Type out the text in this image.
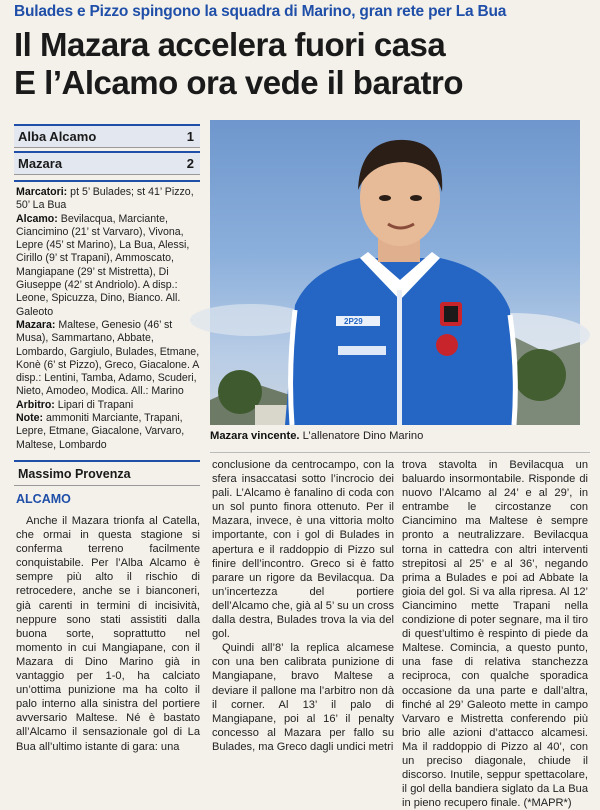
Bulades e Pizzo spingono la squadra di Marino, gran rete per La Bua
Il Mazara accelera fuori casa
E l’Alcamo ora vede il baratro
Alba Alcamo	1
Mazara	2

Marcatori: pt 5’ Bulades; st 41’ Pizzo, 50’ La Bua

Alcamo: Bevilacqua, Marciante, Ciancimino (21’ st Varvaro), Vivona, Lepre (45’ st Marino), La Bua, Alessi, Cirillo (9’ st Trapani), Ammoscato, Mangiapane (29’ st Mistretta), Di Giuseppe (42’ st Andriolo). A disp.: Leone, Spicuzza, Dino, Bianco. All. Galeoto

Mazara: Maltese, Genesio (46’ st Musa), Sammartano, Abbate, Lombardo, Gargiulo, Bulades, Etmane, Konè (6’ st Pizzo), Greco, Giacalone. A disp.: Lentini, Tamba, Adamo, Scuderi, Nieto, Amodeo, Modica. All.: Marino

Arbitro: Lipari di Trapani

Note: ammoniti Marciante, Trapani, Lepre, Etmane, Giacalone, Varvaro, Maltese, Lombardo

Massimo Provenza
ALCAMO
2P29
Mazara vincente. L’allenatore Dino Marino

Anche il Mazara trionfa al Catella, che ormai in questa stagione si conferma terreno facilmente conquistabile. Per l’Alba Alcamo è sempre più alto il rischio di retrocedere, anche se i bianconeri, già carenti in termini di incisività, neppure sono stati assistiti dalla buona sorte, soprattutto nel momento in cui Mangiapane, con il Mazara di Dino Marino già in vantaggio per 1-0, ha calciato un’ottima punizione ma ha colto il palo interno alla sinistra del portiere avversario Maltese. Né è bastato all’Alcamo il sensazionale gol di La Bua all’ultimo istante di gara: una

conclusione da centrocampo, con la sfera insaccatasi sotto l’incrocio dei pali. L’Alcamo è fanalino di coda con un sol punto finora ottenuto. Per il Mazara, invece, è una vittoria molto importante, con i gol di Bulades in apertura e il raddoppio di Pizzo sul finire dell’incontro. Greco si è fatto parare un rigore da Bevilacqua. Da un’incertezza del portiere dell’Alcamo che, già al 5’ su un cross dalla destra, Bulades trova la via del gol.

Quindi all’8’ la replica alcamese con una ben calibrata punizione di Mangiapane, bravo Maltese a deviare il pallone ma l’arbitro non dà il corner. Al 13’ il palo di Mangiapane, poi al 16’ il penalty concesso al Mazara per fallo su Bulades, ma Greco dagli undici metri

trova stavolta in Bevilacqua un baluardo insormontabile. Risponde di nuovo l’Alcamo al 24’ e al 29’, in entrambe le circostanze con Ciancimino ma Maltese è sempre pronto a neutralizzare. Bevilacqua torna in cattedra con altri interventi strepitosi al 25’ e al 36’, negando prima a Bulades e poi ad Abbate la gioia del gol. Si va alla ripresa. Al 12’ Ciancimino mette Trapani nella condizione di poter segnare, ma il tiro di quest’ultimo è respinto di piede da Maltese. Comincia, a questo punto, una fase di relativa stanchezza reciproca, con qualche sporadica occasione da una parte e dall’altra, finché al 29’ Galeoto mette in campo Varvaro e Mistretta conferendo più brio alle azioni d’attacco alcamesi. Ma il raddoppio di Pizzo al 40’, con un preciso diagonale, chiude il discorso. Inutile, seppur spettacolare, il gol della bandiera siglato da La Bua in pieno recupero finale. (*MAPR*)
